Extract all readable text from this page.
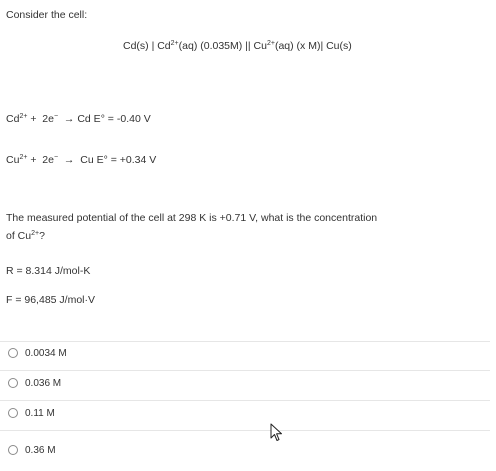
Consider the cell:
Cd(s) | $Cd^{2+}(aq)$ (0.035M) || $Cu^{2+}(aq)$ (x M)| Cu(s)
$Cd^{2+} + 2e^- \to Cd$ E° = -0.40 V
$Cu^{2+} + 2e^- \to Cu$ E° = +0.34 V
The measured potential of the cell at 298 K is +0.71 V, what is the concentration
of $Cu^{2+}$?
R = 8.314 J/mol-K
F = 96,485 J/mol·V
0.0034 M
0.036 M
0.11 M
0.36 M
